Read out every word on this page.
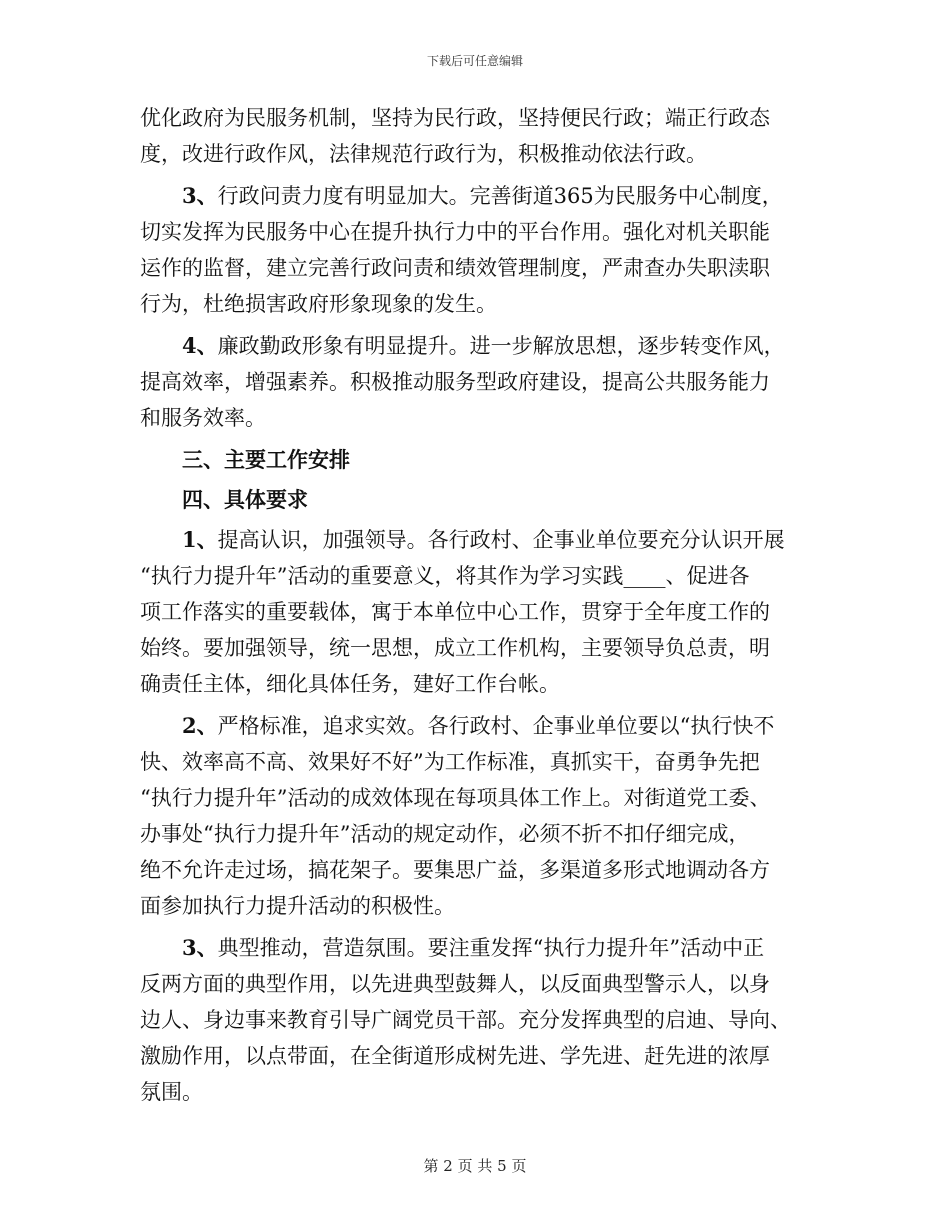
下载后可任意编辑

优化政府为民服务机制，坚持为民行政，坚持便民行政；端正行政态
度，改进行政作风，法律规范行政行为，积极推动依法行政。

3、行政问责力度有明显加大。完善街道365为民服务中心制度，
切实发挥为民服务中心在提升执行力中的平台作用。强化对机关职能
运作的监督，建立完善行政问责和绩效管理制度，严肃查办失职渎职
行为，杜绝损害政府形象现象的发生。

4、廉政勤政形象有明显提升。进一步解放思想，逐步转变作风，
提高效率，增强素养。积极推动服务型政府建设，提高公共服务能力
和服务效率。

三、主要工作安排
四、具体要求

1、提高认识，加强领导。各行政村、企事业单位要充分认识开展
“执行力提升年”活动的重要意义，将其作为学习实践____、促进各
项工作落实的重要载体，寓于本单位中心工作，贯穿于全年度工作的
始终。要加强领导，统一思想，成立工作机构，主要领导负总责，明
确责任主体，细化具体任务，建好工作台帐。

2、严格标准，追求实效。各行政村、企事业单位要以“执行快不
快、效率高不高、效果好不好”为工作标准，真抓实干，奋勇争先把
“执行力提升年”活动的成效体现在每项具体工作上。对街道党工委、
办事处“执行力提升年”活动的规定动作，必须不折不扣仔细完成，
绝不允许走过场，搞花架子。要集思广益，多渠道多形式地调动各方
面参加执行力提升活动的积极性。

3、典型推动，营造氛围。要注重发挥“执行力提升年”活动中正
反两方面的典型作用，以先进典型鼓舞人，以反面典型警示人，以身
边人、身边事来教育引导广阔党员干部。充分发挥典型的启迪、导向、
激励作用，以点带面，在全街道形成树先进、学先进、赶先进的浓厚
氛围。

第 2 页 共 5 页
